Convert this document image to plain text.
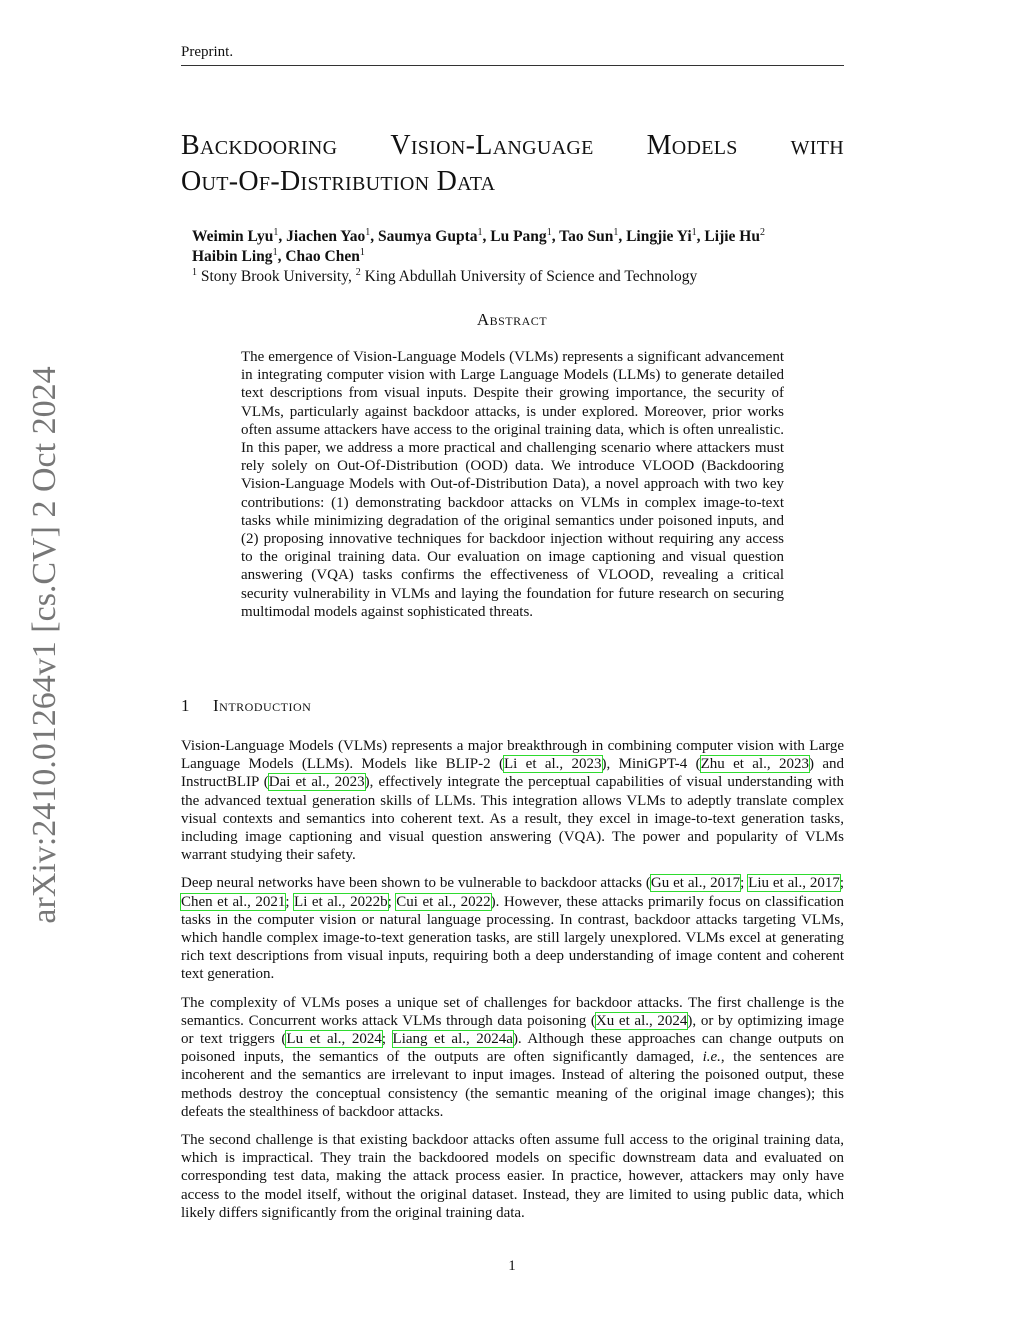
Preprint.
arXiv:2410.01264v1 [cs.CV] 2 Oct 2024
Backdooring Vision-Language Models with
Out-Of-Distribution Data
Weimin Lyu$^1$, Jiachen Yao$^1$, Saumya Gupta$^1$, Lu Pang$^1$, Tao Sun$^1$, Lingjie Yi$^1$, Lijie Hu$^2$
Haibin Ling$^1$, Chao Chen$^1$
$^1$ Stony Brook University, $^2$ King Abdullah University of Science and Technology
Abstract
The emergence of Vision-Language Models (VLMs) represents a significant advancement in integrating computer vision with Large Language Models (LLMs) to generate detailed text descriptions from visual inputs. Despite their growing importance, the security of VLMs, particularly against backdoor attacks, is under explored. Moreover, prior works often assume attackers have access to the original training data, which is often unrealistic. In this paper, we address a more practical and challenging scenario where attackers must rely solely on Out-Of-Distribution (OOD) data. We introduce VLOOD (Backdooring Vision-Language Models with Out-of-Distribution Data), a novel approach with two key contributions: (1) demonstrating backdoor attacks on VLMs in complex image-to-text tasks while minimizing degradation of the original semantics under poisoned inputs, and (2) proposing innovative techniques for backdoor injection without requiring any access to the original training data. Our evaluation on image captioning and visual question answering (VQA) tasks confirms the effectiveness of VLOOD, revealing a critical security vulnerability in VLMs and laying the foundation for future research on securing multimodal models against sophisticated threats.
1 Introduction

Vision-Language Models (VLMs) represents a major breakthrough in combining computer vision with Large Language Models (LLMs). Models like BLIP-2 (Li et al., 2023), MiniGPT-4 (Zhu et al., 2023) and InstructBLIP (Dai et al., 2023), effectively integrate the perceptual capabilities of visual understanding with the advanced textual generation skills of LLMs. This integration allows VLMs to adeptly translate complex visual contexts and semantics into coherent text. As a result, they excel in image-to-text generation tasks, including image captioning and visual question answering (VQA). The power and popularity of VLMs warrant studying their safety.

Deep neural networks have been shown to be vulnerable to backdoor attacks (Gu et al., 2017; Liu et al., 2017; Chen et al., 2021; Li et al., 2022b; Cui et al., 2022). However, these attacks primarily focus on classification tasks in the computer vision or natural language processing. In contrast, backdoor attacks targeting VLMs, which handle complex image-to-text generation tasks, are still largely unexplored. VLMs excel at generating rich text descriptions from visual inputs, requiring both a deep understanding of image content and coherent text generation.

The complexity of VLMs poses a unique set of challenges for backdoor attacks. The first challenge is the semantics. Concurrent works attack VLMs through data poisoning (Xu et al., 2024), or by optimizing image or text triggers (Lu et al., 2024; Liang et al., 2024a). Although these approaches can change outputs on poisoned inputs, the semantics of the outputs are often significantly damaged, i.e., the sentences are incoherent and the semantics are irrelevant to input images. Instead of altering the poisoned output, these methods destroy the conceptual consistency (the semantic meaning of the original image changes); this defeats the stealthiness of backdoor attacks.

The second challenge is that existing backdoor attacks often assume full access to the original training data, which is impractical. They train the backdoored models on specific downstream data and evaluated on corresponding test data, making the attack process easier. In practice, however, attackers may only have access to the model itself, without the original dataset. Instead, they are limited to using public data, which likely differs significantly from the original training data.

1
